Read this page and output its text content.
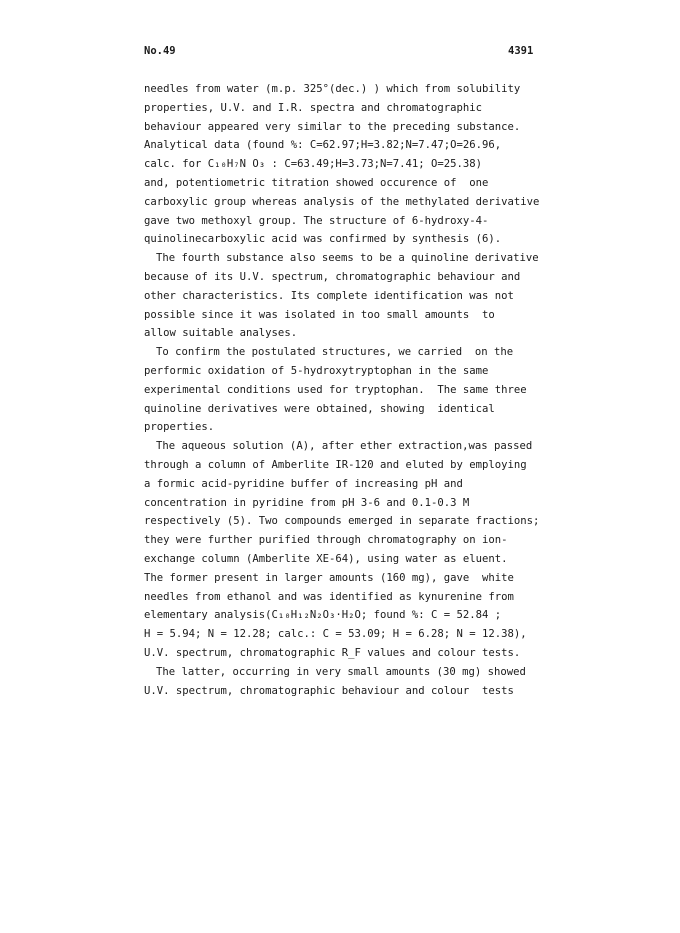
No.49	4391
needles from water (m.p. 325°(dec.) ) which from solubility
properties, U.V. and I.R. spectra and chromatographic
behaviour appeared very similar to the preceding substance.
Analytical data (found %: C=62.97;H=3.82;N=7.47;O=26.96,
calc. for C₁₀H₇N O₃ : C=63.49;H=3.73;N=7.41; O=25.38)
and, potentiometric titration showed occurence of  one
carboxylic group whereas analysis of the methylated derivative
gave two methoxyl group. The structure of 6-hydroxy-4-
quinolinecarboxylic acid was confirmed by synthesis (6).
The fourth substance also seems to be a quinoline derivative
because of its U.V. spectrum, chromatographic behaviour and
other characteristics. Its complete identification was not
possible since it was isolated in too small amounts  to
allow suitable analyses.
To confirm the postulated structures, we carried  on the
performic oxidation of 5-hydroxytryptophan in the same
experimental conditions used for tryptophan.  The same three
quinoline derivatives were obtained, showing  identical
properties.
The aqueous solution (A), after ether extraction,was passed
through a column of Amberlite IR-120 and eluted by employing
a formic acid-pyridine buffer of increasing pH and
concentration in pyridine from pH 3-6 and 0.1-0.3 M
respectively (5). Two compounds emerged in separate fractions;
they were further purified through chromatography on ion-
exchange column (Amberlite XE-64), using water as eluent.
The former present in larger amounts (160 mg), gave  white
needles from ethanol and was identified as kynurenine from
elementary analysis(C₁₀H₁₂N₂O₃·H₂O; found %: C = 52.84 ;
H = 5.94; N = 12.28; calc.: C = 53.09; H = 6.28; N = 12.38),
U.V. spectrum, chromatographic R_F values and colour tests.
The latter, occurring in very small amounts (30 mg) showed
U.V. spectrum, chromatographic behaviour and colour  tests
